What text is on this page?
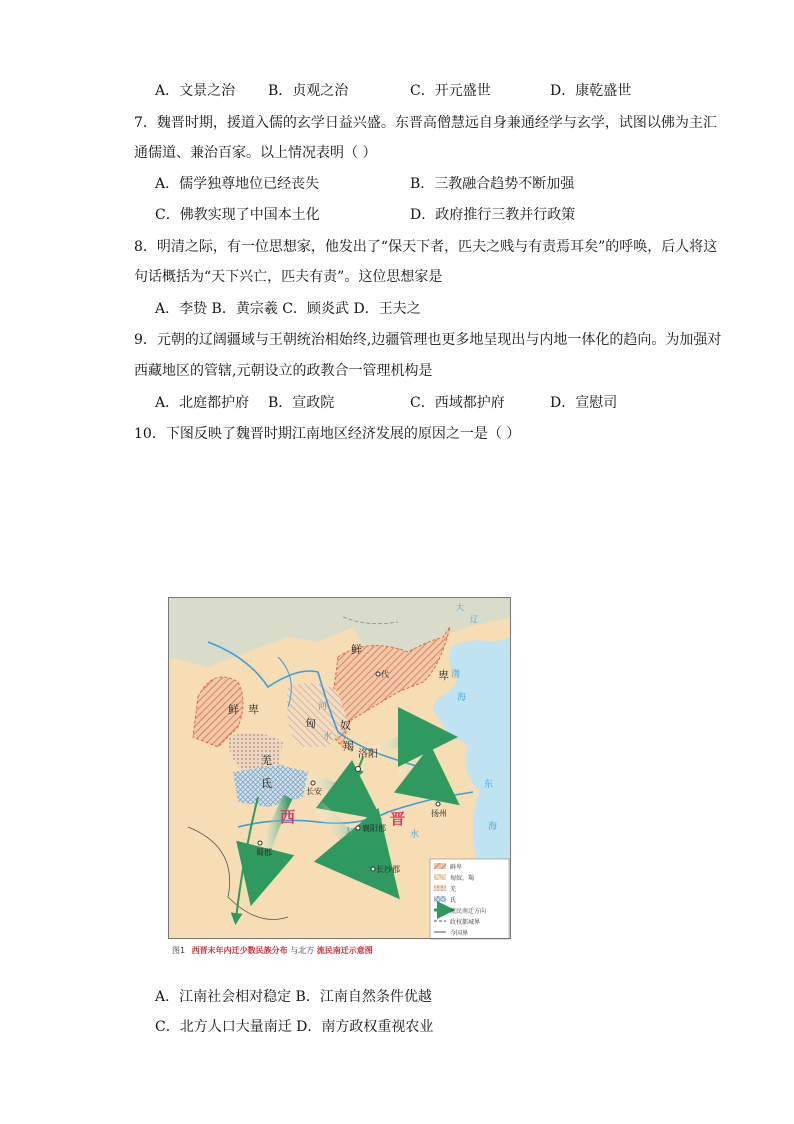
A．文景之治 B．贞观之治	C．开元盛世	D．康乾盛世
7．魏晋时期，援道入儒的玄学日益兴盛。东晋高僧慧远自身兼通经学与玄学，试图以佛为主汇
通儒道、兼治百家。以上情况表明（ ）
A．儒学独尊地位已经丧失	B．三教融合趋势不断加强
C．佛教实现了中国本土化	D．政府推行三教并行政策
8．明清之际，有一位思想家，他发出了“保天下者，匹夫之贱与有责焉耳矣”的呼唤，后人将这
句话概括为“天下兴亡，匹夫有责”。这位思想家是
A．李贽 B．黄宗羲 C．顾炎武 D．王夫之
9．元朝的辽阔疆域与王朝统治相始终,边疆管理也更多地呈现出与内地一体化的趋向。为加强对
西藏地区的管辖,元朝设立的政教合一管理机构是
A．北庭都护府 B．宣政院	C．西域都护府	D．宣慰司
10．下图反映了魏晋时期江南地区经济发展的原因之一是（ ）
鲜
卑
鲜 卑
匈 奴
羯
羌
氐
洛阳
长安
襄阳郡
扬州
蜀郡
长沙郡
代
河
水
江	水
渤
海
东
海
大
辽
西	晋
鲜卑
匈奴、羯
羌
氐
流民南迁方向
政权都城界
今国界
图1 西晋末年内迁少数民族分布 与北方 流民南迁示意图
A．江南社会相对稳定 B．江南自然条件优越
C．北方人口大量南迁 D．南方政权重视农业
